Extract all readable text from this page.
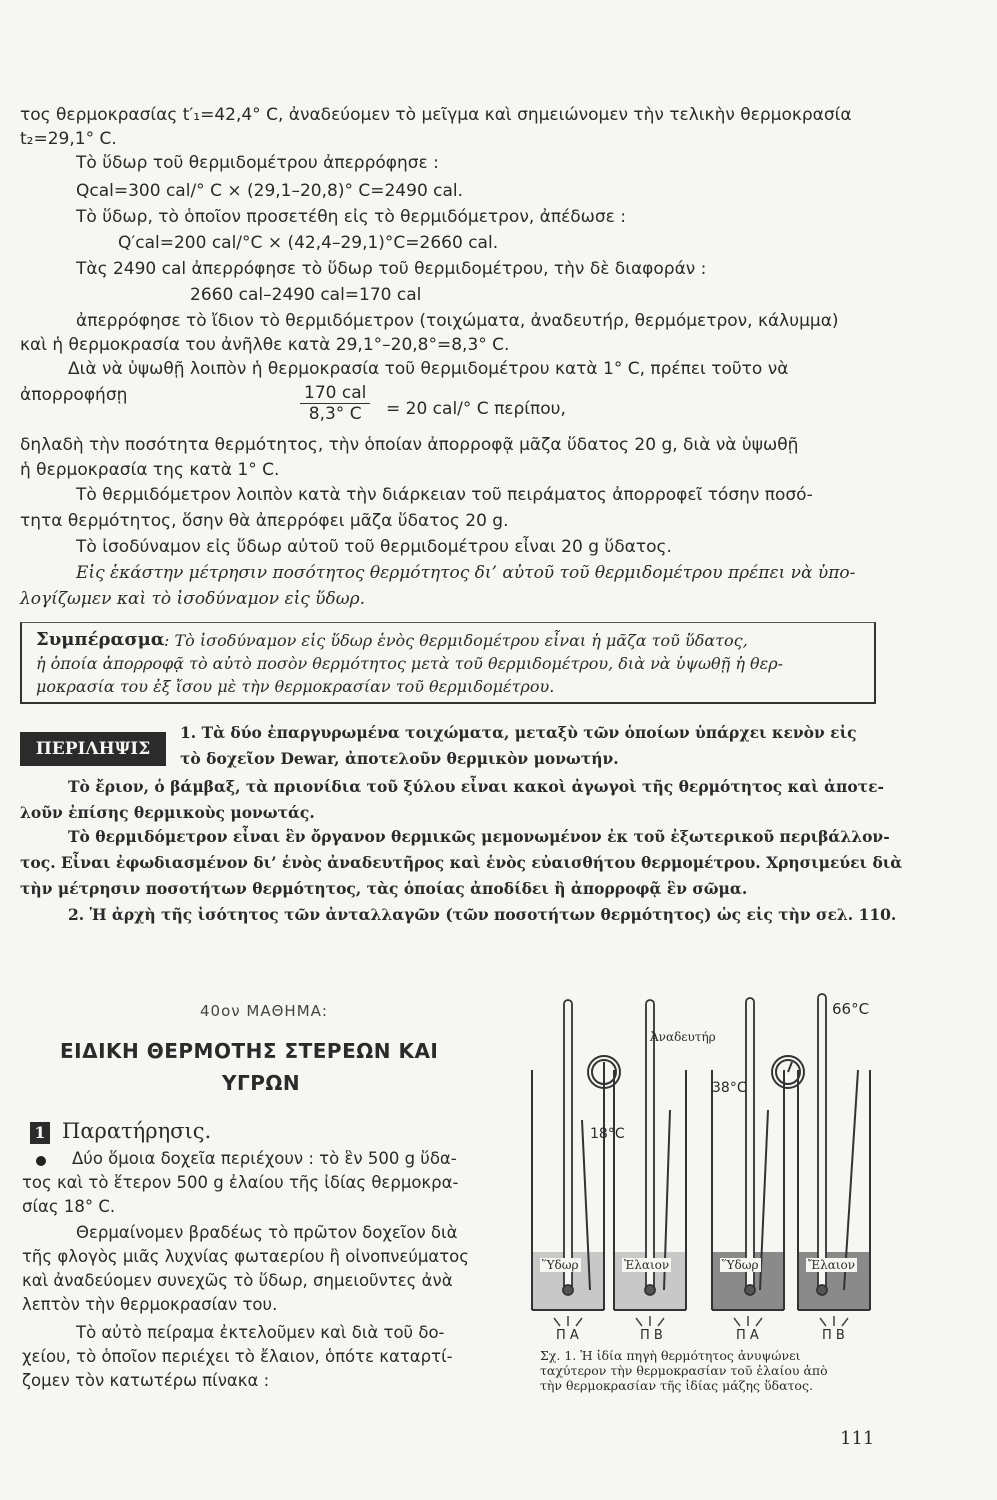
τος θερμοκρασίας t′₁=42,4° C, ἀναδεύομεν τὸ μεῖγμα καὶ σημειώνομεν τὴν τελικὴν θερμοκρασία
t₂=29,1° C.
Τὸ ὕδωρ τοῦ θερμιδομέτρου ἀπερρόφησε :
Qcal=300 cal/° C × (29,1–20,8)° C=2490 cal.
Τὸ ὕδωρ, τὸ ὁποῖον προσετέθη εἰς τὸ θερμιδόμετρον, ἀπέδωσε :
Q′cal=200 cal/°C × (42,4–29,1)°C=2660 cal.
Τὰς 2490 cal ἀπερρόφησε τὸ ὕδωρ τοῦ θερμιδομέτρου, τὴν δὲ διαφοράν :
2660 cal–2490 cal=170 cal
ἀπερρόφησε τὸ ἴδιον τὸ θερμιδόμετρον (τοιχώματα, ἀναδευτήρ, θερμόμετρον, κάλυμμα)
καὶ ἡ θερμοκρασία του ἀνῆλθε κατὰ 29,1°–20,8°=8,3° C.
Διὰ νὰ ὑψωθῇ λοιπὸν ἡ θερμοκρασία τοῦ θερμιδομέτρου κατὰ 1° C, πρέπει τοῦτο νὰ
ἀπορροφήσῃ	170 cal
8,3° C	= 20 cal/° C περίπου,
δηλαδὴ τὴν ποσότητα θερμότητος, τὴν ὁποίαν ἀπορροφᾷ μᾶζα ὕδατος 20 g, διὰ νὰ ὑψωθῇ
ἡ θερμοκρασία της κατὰ 1° C.
Τὸ θερμιδόμετρον λοιπὸν κατὰ τὴν διάρκειαν τοῦ πειράματος ἀπορροφεῖ τόσην ποσό-
τητα θερμότητος, ὅσην θὰ ἀπερρόφει μᾶζα ὕδατος 20 g.
Τὸ ἰσοδύναμον εἰς ὕδωρ αὐτοῦ τοῦ θερμιδομέτρου εἶναι 20 g ὕδατος.
Εἰς ἑκάστην μέτρησιν ποσότητος θερμότητος δι’ αὐτοῦ τοῦ θερμιδομέτρου πρέπει νὰ ὑπο-
λογίζωμεν καὶ τὸ ἰσοδύναμον εἰς ὕδωρ.
Συμπέρασμα : Τὸ ἰσοδύναμον εἰς ὕδωρ ἑνὸς θερμιδομέτρου εἶναι ἡ μᾶζα τοῦ ὕδατος,
ἡ ὁποία ἀπορροφᾷ τὸ αὐτὸ ποσὸν θερμότητος μετὰ τοῦ θερμιδομέτρου, διὰ νὰ ὑψωθῇ ἡ θερ-
μοκρασία του ἐξ ἴσου μὲ τὴν θερμοκρασίαν τοῦ θερμιδομέτρου.
ΠΕΡΙΛΗΨΙΣ
1. Τὰ δύο ἐπαργυρωμένα τοιχώματα, μεταξὺ τῶν ὁποίων ὑπάρχει κενὸν εἰς
τὸ δοχεῖον Dewar, ἀποτελοῦν θερμικὸν μονωτήν.
Τὸ ἔριον, ὁ βάμβαξ, τὰ πριονίδια τοῦ ξύλου εἶναι κακοὶ ἀγωγοὶ τῆς θερμότητος καὶ ἀποτε-
λοῦν ἐπίσης θερμικοὺς μονωτάς.
Τὸ θερμιδόμετρον εἶναι ἓν ὄργανον θερμικῶς μεμονωμένον ἐκ τοῦ ἐξωτερικοῦ περιβάλλον-
τος. Εἶναι ἐφωδιασμένον δι’ ἑνὸς ἀναδευτῆρος καὶ ἑνὸς εὐαισθήτου θερμομέτρου. Χρησιμεύει διὰ
τὴν μέτρησιν ποσοτήτων θερμότητος, τὰς ὁποίας ἀποδίδει ἢ ἀπορροφᾷ ἓν σῶμα.
2. Ἡ ἀρχὴ τῆς ἰσότητος τῶν ἀνταλλαγῶν (τῶν ποσοτήτων θερμότητος) ὡς εἰς τὴν σελ. 110.
40ον ΜΑΘΗΜΑ:
ΕΙΔΙΚΗ ΘΕΡΜΟΤΗΣ ΣΤΕΡΕΩΝ ΚΑΙ
ΥΓΡΩΝ
1 Παρατήρησις.
Δύο ὅμοια δοχεῖα περιέχουν : τὸ ἓν 500 g ὕδα-
τος καὶ τὸ ἕτερον 500 g ἐλαίου τῆς ἰδίας θερμοκρα-
σίας 18° C.
Θερμαίνομεν βραδέως τὸ πρῶτον δοχεῖον διὰ
τῆς φλογὸς μιᾶς λυχνίας φωταερίου ἢ οἰνοπνεύματος
καὶ ἀναδεύομεν συνεχῶς τὸ ὕδωρ, σημειοῦντες ἀνὰ
λεπτὸν τὴν θερμοκρασίαν του.
Τὸ αὐτὸ πείραμα ἐκτελοῦμεν καὶ διὰ τοῦ δο-
χείου, τὸ ὁποῖον περιέχει τὸ ἔλαιον, ὁπότε καταρτί-
ζομεν τὸν κατωτέρω πίνακα :
Ἀναδευτήρ
66°C
38°C
18°C
Ὕδωρ	Ἐλαιον	Ὕδωρ	Ἔλαιον
Π A	Π B	Π A	Π B
Σχ. 1. Ἡ ἰδία πηγὴ θερμότητος ἀνυψώνει
ταχύτερον τὴν θερμοκρασίαν τοῦ ἐλαίου ἀπὸ
τὴν θερμοκρασίαν τῆς ἰδίας μάζης ὕδατος.
111
